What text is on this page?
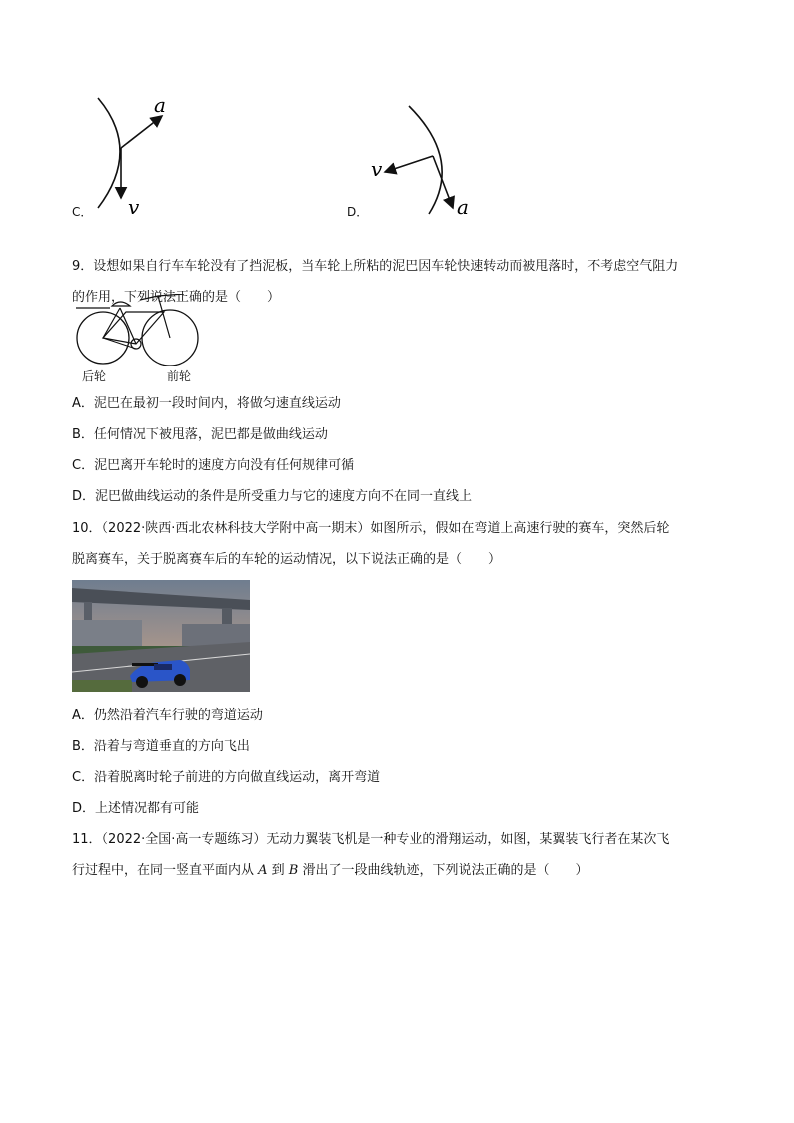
C．
a
v	D．
v
a
9．设想如果自行车车轮没有了挡泥板，当车轮上所粘的泥巴因车轮快速转动而被甩落时，不考虑空气阻力
的作用，下列说法正确的是（　　）
后轮	前轮
A．泥巴在最初一段时间内，将做匀速直线运动
B．任何情况下被甩落，泥巴都是做曲线运动
C．泥巴离开车轮时的速度方向没有任何规律可循
D．泥巴做曲线运动的条件是所受重力与它的速度方向不在同一直线上
10．（2022·陕西·西北农林科技大学附中高一期末）如图所示，假如在弯道上高速行驶的赛车，突然后轮
脱离赛车，关于脱离赛车后的车轮的运动情况，以下说法正确的是（　　）
A．仍然沿着汽车行驶的弯道运动
B．沿着与弯道垂直的方向飞出
C．沿着脱离时轮子前进的方向做直线运动，离开弯道
D．上述情况都有可能
11．（2022·全国·高一专题练习）无动力翼装飞机是一种专业的滑翔运动，如图，某翼装飞行者在某次飞
行过程中，在同一竖直平面内从 A 到 B 滑出了一段曲线轨迹，下列说法正确的是（　　）
